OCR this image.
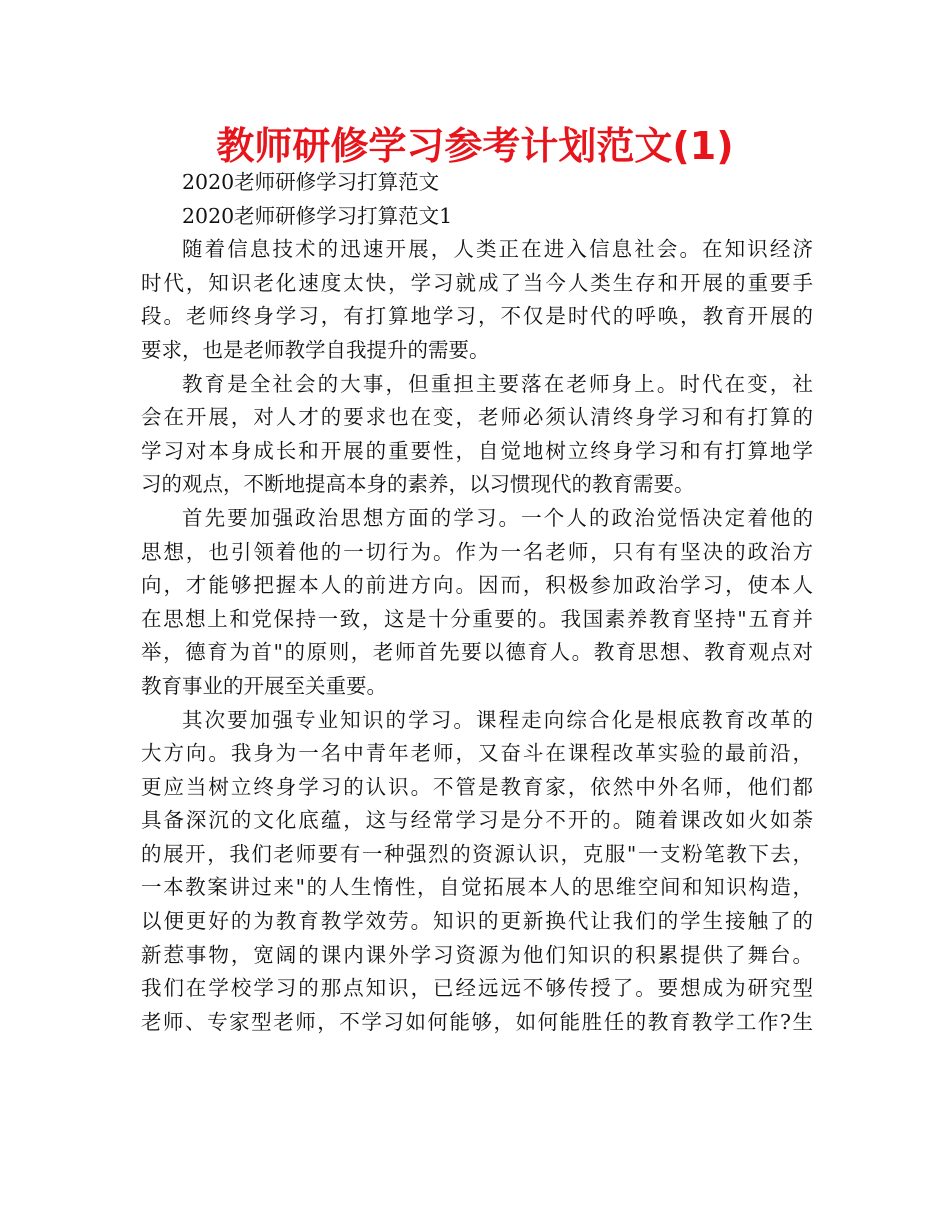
教师研修学习参考计划范文(1)
2020老师研修学习打算范文
2020老师研修学习打算范文1
随着信息技术的迅速开展，人类正在进入信息社会。在知识经济
时代，知识老化速度太快，学习就成了当今人类生存和开展的重要手
段。老师终身学习，有打算地学习，不仅是时代的呼唤，教育开展的
要求，也是老师教学自我提升的需要。
教育是全社会的大事，但重担主要落在老师身上。时代在变，社
会在开展，对人才的要求也在变，老师必须认清终身学习和有打算的
学习对本身成长和开展的重要性，自觉地树立终身学习和有打算地学
习的观点，不断地提高本身的素养，以习惯现代的教育需要。
首先要加强政治思想方面的学习。一个人的政治觉悟决定着他的
思想，也引领着他的一切行为。作为一名老师，只有有坚决的政治方
向，才能够把握本人的前进方向。因而，积极参加政治学习，使本人
在思想上和党保持一致，这是十分重要的。我国素养教育坚持"五育并
举，德育为首"的原则，老师首先要以德育人。教育思想、教育观点对
教育事业的开展至关重要。
其次要加强专业知识的学习。课程走向综合化是根底教育改革的
大方向。我身为一名中青年老师，又奋斗在课程改革实验的最前沿，
更应当树立终身学习的认识。不管是教育家，依然中外名师，他们都
具备深沉的文化底蕴，这与经常学习是分不开的。随着课改如火如荼
的展开，我们老师要有一种强烈的资源认识，克服"一支粉笔教下去，
一本教案讲过来"的人生惰性，自觉拓展本人的思维空间和知识构造，
以便更好的为教育教学效劳。知识的更新换代让我们的学生接触了的
新惹事物，宽阔的课内课外学习资源为他们知识的积累提供了舞台。
我们在学校学习的那点知识，已经远远不够传授了。要想成为研究型
老师、专家型老师，不学习如何能够，如何能胜任的教育教学工作?生
